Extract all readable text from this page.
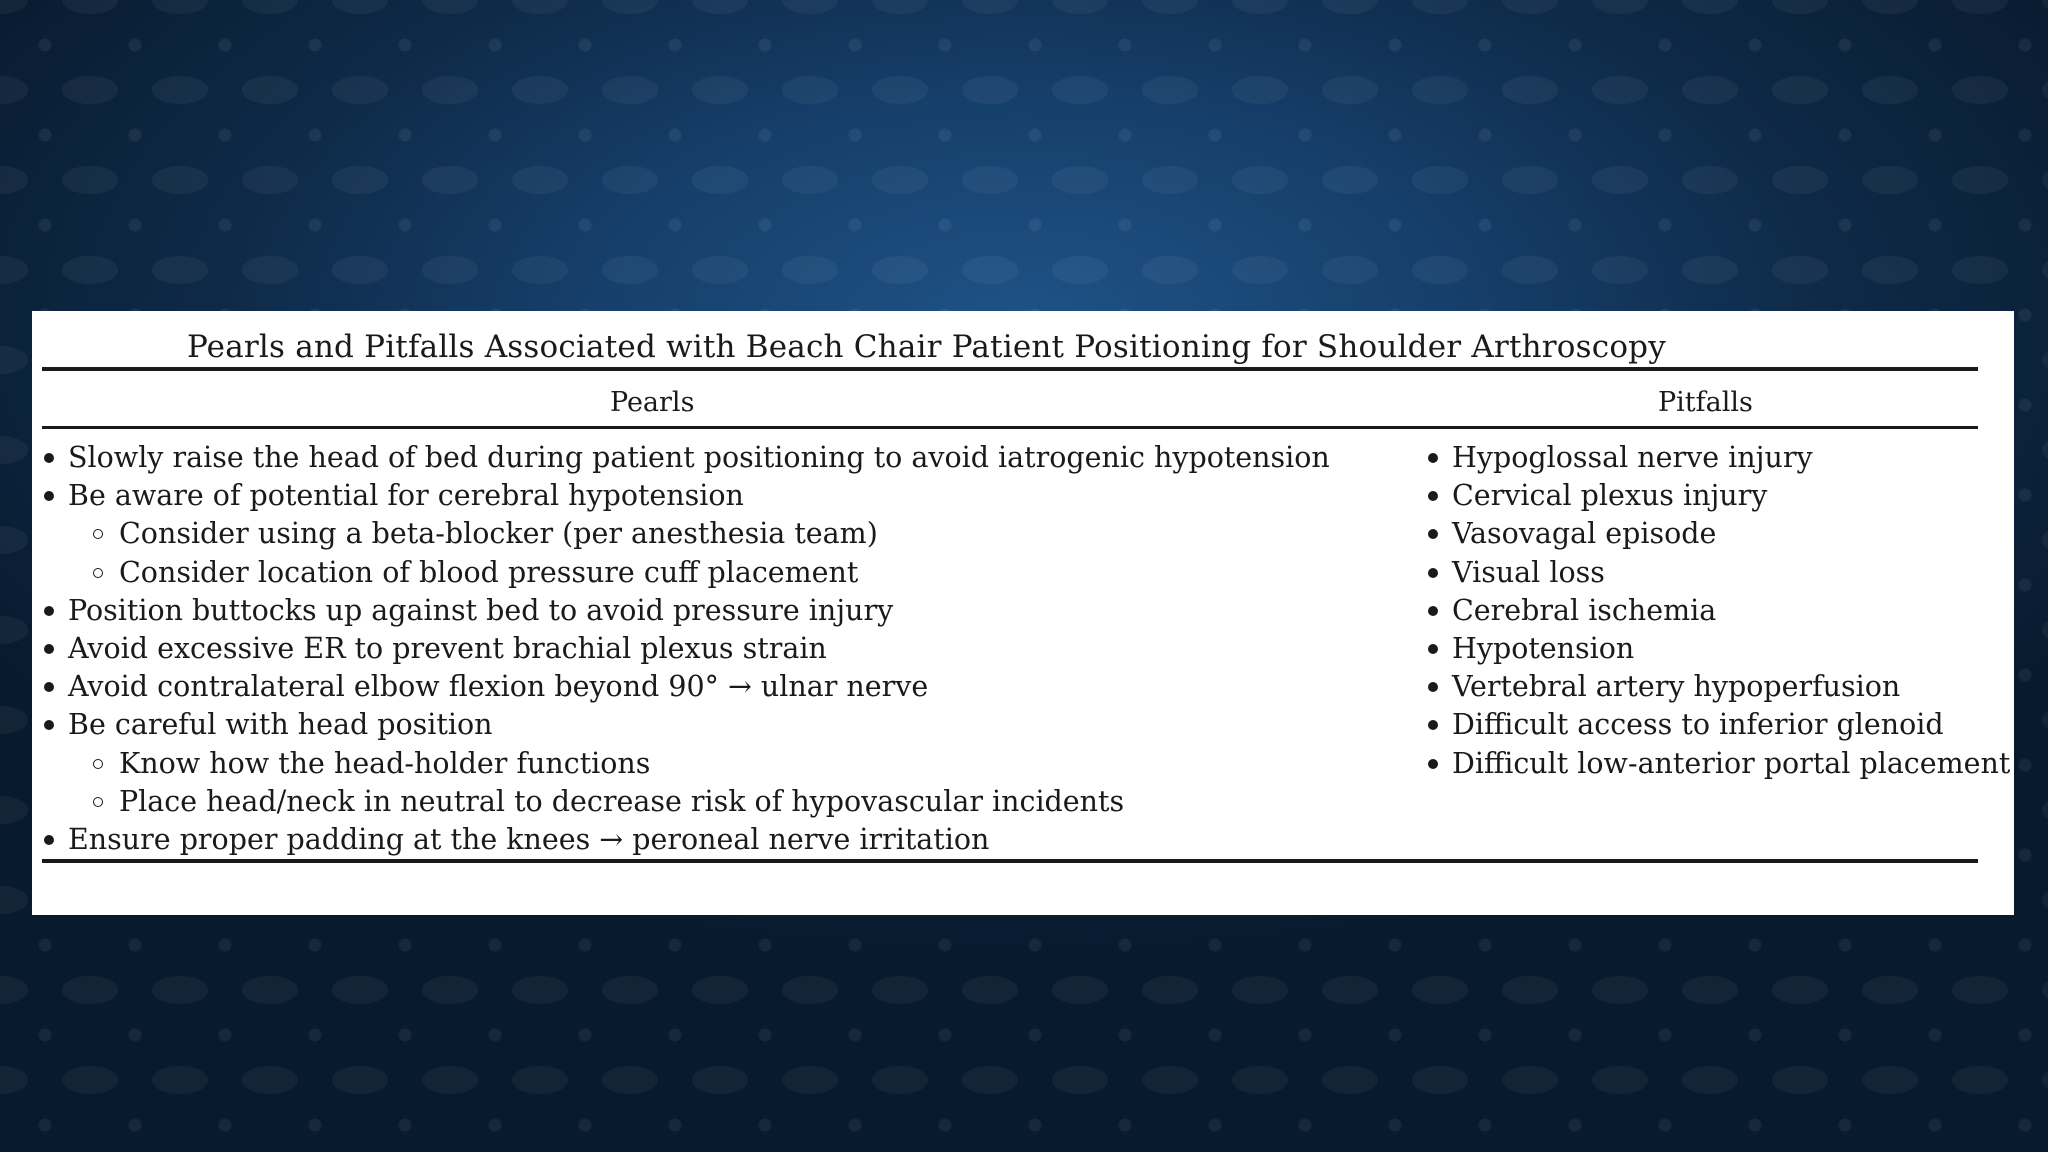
Pearls and Pitfalls Associated with Beach Chair Patient Positioning for Shoulder Arthroscopy
Pearls	Pitfalls
Slowly raise the head of bed during patient positioning to avoid iatrogenic hypotension
Be aware of potential for cerebral hypotension
Consider using a beta-blocker (per anesthesia team)
Consider location of blood pressure cuff placement
Position buttocks up against bed to avoid pressure injury
Avoid excessive ER to prevent brachial plexus strain
Avoid contralateral elbow flexion beyond 90° → ulnar nerve
Be careful with head position
Know how the head-holder functions
Place head/neck in neutral to decrease risk of hypovascular incidents
Ensure proper padding at the knees → peroneal nerve irritation
Hypoglossal nerve injury
Cervical plexus injury
Vasovagal episode
Visual loss
Cerebral ischemia
Hypotension
Vertebral artery hypoperfusion
Difficult access to inferior glenoid
Difficult low-anterior portal placement
